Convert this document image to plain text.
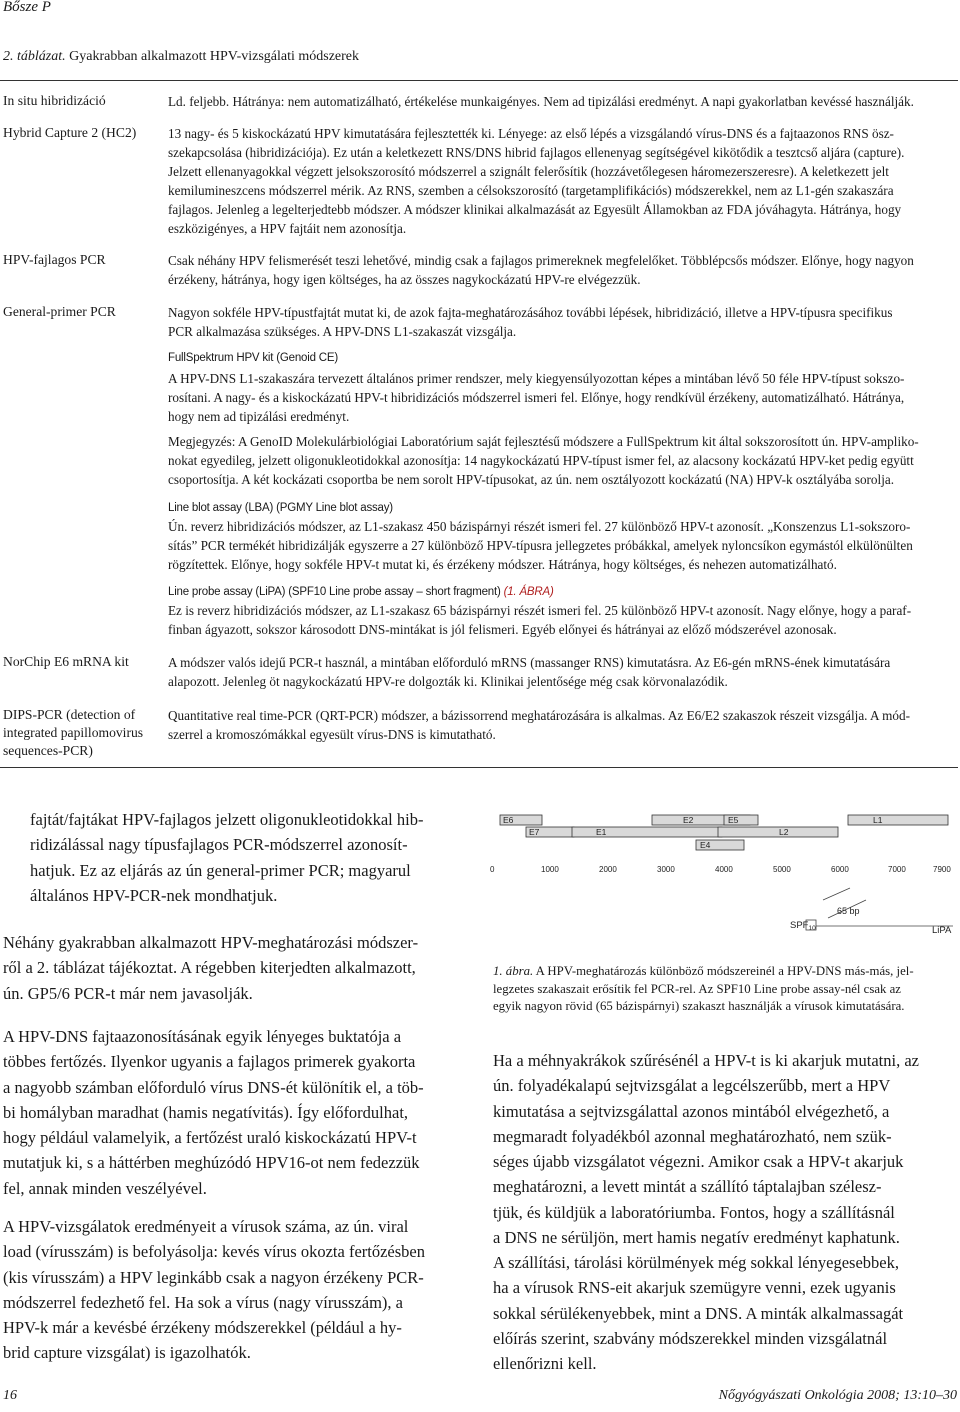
Bősze P
2. táblázat. Gyakrabban alkalmazott HPV-vizsgálati módszerek
In situ hibridizáció	Ld. feljebb. Hátránya: nem automatizálható, értékelése munkaigényes. Nem ad tipizálási eredményt. A napi gyakorlatban kevéssé használják.
Hybrid Capture 2 (HC2)	13 nagy- és 5 kiskockázatú HPV kimutatására fejlesztették ki. Lényege: az első lépés a vizsgálandó vírus-DNS és a fajtaazonos RNS ösz-
szekapcsolása (hibridizációja). Ez után a keletkezett RNS/DNS hibrid fajlagos ellenenyag segítségével kikötődik a tesztcső aljára (capture).
Jelzett ellenanyagokkal végzett jelsokszorosító módszerrel a szignált felerősítik (hozzávetőlegesen háromezerszeresre). A keletkezett jelt
kemilumineszcens módszerrel mérik. Az RNS, szemben a célsokszorosító (targetamplifikációs) módszerekkel, nem az L1-gén szakaszára
fajlagos. Jelenleg a legelterjedtebb módszer. A módszer klinikai alkalmazását az Egyesült Államokban az FDA jóváhagyta. Hátránya, hogy
eszközigényes, a HPV fajtáit nem azonosítja.
HPV-fajlagos PCR	Csak néhány HPV felismerését teszi lehetővé, mindig csak a fajlagos primereknek megfelelőket. Többlépcsős módszer. Előnye, hogy nagyon
érzékeny, hátránya, hogy igen költséges, ha az összes nagykockázatú HPV-re elvégezzük.
General-primer PCR	Nagyon sokféle HPV-típustfajtát mutat ki, de azok fajta-meghatározásához további lépések, hibridizáció, illetve a HPV-típusra specifikus
PCR alkalmazása szükséges. A HPV-DNS L1-szakaszát vizsgálja.
FullSpektrum HPV kit (Genoid CE)
A HPV-DNS L1-szakaszára tervezett általános primer rendszer, mely kiegyensúlyozottan képes a mintában lévő 50 féle HPV-típust sokszo-
rosítani. A nagy- és a kiskockázatú HPV-t hibridizációs módszerrel ismeri fel. Előnye, hogy rendkívül érzékeny, automatizálható. Hátránya,
hogy nem ad tipizálási eredményt.
Megjegyzés: A GenoID Molekulárbiológiai Laboratórium saját fejlesztésű módszere a FullSpektrum kit által sokszorosított ún. HPV-amplikо-
nokat egyedileg, jelzett oligonukleotidokkal azonosítja: 14 nagykockázatú HPV-típust ismer fel, az alacsony kockázatú HPV-ket pedig együtt
csoportosítja. A két kockázati csoportba be nem sorolt HPV-típusokat, az ún. nem osztályozott kockázatú (NA) HPV-k osztályába sorolja.
Line blot assay (LBA) (PGMY Line blot assay)
Ún. reverz hibridizációs módszer, az L1-szakasz 450 bázispárnyi részét ismeri fel. 27 különböző HPV-t azonosít. „Konszenzus L1-sokszoro-
sítás” PCR termékét hibridizálják egyszerre a 27 különböző HPV-típusra jellegzetes próbákkal, amelyek nyloncsíkon egymástól elkülönülten
rögzítettek. Előnye, hogy sokféle HPV-t mutat ki, és érzékeny módszer. Hátránya, hogy költséges, és nehezen automatizálható.
Line probe assay (LiPA) (SPF10 Line probe assay – short fragment) (1. ÁBRA)
Ez is reverz hibridizációs módszer, az L1-szakasz 65 bázispárnyi részét ismeri fel. 25 különböző HPV-t azonosít. Nagy előnye, hogy a paraf-
finban ágyazott, sokszor károsodott DNS-mintákat is jól felismeri. Egyéb előnyei és hátrányai az előző módszerével azonosak.
NorChip E6 mRNA kit	A módszer valós idejű PCR-t használ, a mintában előforduló mRNS (massanger RNS) kimutatásra. Az E6-gén mRNS-ének kimutatására
alapozott. Jelenleg öt nagykockázatú HPV-re dolgozták ki. Klinikai jelentősége még csak körvonalazódik.
DIPS-PCR (detection of
integrated papillomovirus
sequences-PCR)
Quantitative real time-PCR (QRT-PCR) módszer, a bázissorrend meghatározására is alkalmas. Az E6/E2 szakaszok részeit vizsgálja. A mód-
szerrel a kromoszómákkal egyesült vírus-DNS is kimutatható.
fajtát/fajtákat HPV-fajlagos jelzett oligonukleotidokkal hib-
ridizálással nagy típusfajlagos PCR-módszerrel azonosít-
hatjuk. Ez az eljárás az ún general-primer PCR; magyarul
általános HPV-PCR-nek mondhatjuk.
Néhány gyakrabban alkalmazott HPV-meghatározási módszer-
ről a 2. táblázat tájékoztat. A régebben kiterjedten alkalmazott,
ún. GP5/6 PCR-t már nem javasolják.
A HPV-DNS fajtaazonosításának egyik lényeges buktatója a
többes fertőzés. Ilyenkor ugyanis a fajlagos primerek gyakorta
a nagyobb számban előforduló vírus DNS-ét különítik el, a töb-
bi homályban maradhat (hamis negatívitás). Így előfordulhat,
hogy például valamelyik, a fertőzést uraló kiskockázatú HPV-t
mutatjuk ki, s a háttérben meghúzódó HPV16-ot nem fedezzük
fel, annak minden veszélyével.
A HPV-vizsgálatok eredményeit a vírusok száma, az ún. viral
load (vírusszám) is befolyásolja: kevés vírus okozta fertőzésben
(kis vírusszám) a HPV leginkább csak a nagyon érzékeny PCR-
módszerrel fedezhető fel. Ha sok a vírus (nagy vírusszám), a
HPV-k már a kevésbé érzékeny módszerekkel (például a hy-
brid capture vizsgálat) is igazolhatók.
E6
E7	E1
E2	E5
E4
L2
L1
0	1000	2000	3000	4000	5000	6000	7000	7900
65 bp
$SPF_{10}$	LiPA
1. ábra. A HPV-meghatározás különböző módszereinél a HPV-DNS más-más, jel-
legzetes szakaszait erősítik fel PCR-rel. Az SPF10 Line probe assay-nél csak az
egyik nagyon rövid (65 bázispárnyi) szakaszt használják a vírusok kimutatására.
Ha a méhnyakrákok szűrésénél a HPV-t is ki akarjuk mutatni, az
ún. folyadékalapú sejtvizsgálat a legcélszerűbb, mert a HPV
kimutatása a sejtvizsgálattal azonos mintából elvégezhető, a
megmaradt folyadékból azonnal meghatározható, nem szük-
séges újabb vizsgálatot végezni. Amikor csak a HPV-t akarjuk
meghatározni, a levett mintát a szállító táptalajban szélesz-
tjük, és küldjük a laboratóriumba. Fontos, hogy a szállításnál
a DNS ne sérüljön, mert hamis negatív eredményt kaphatunk.
A szállítási, tárolási körülmények még sokkal lényegesebbek,
ha a vírusok RNS-eit akarjuk szemügyre venni, ezek ugyanis
sokkal sérülékenyebbek, mint a DNS. A minták alkalmassagát
előírás szerint, szabvány módszerekkel minden vizsgálatnál
ellenőrizni kell.
16	Nőgyógyászati Onkológia 2008; 13:10–30
